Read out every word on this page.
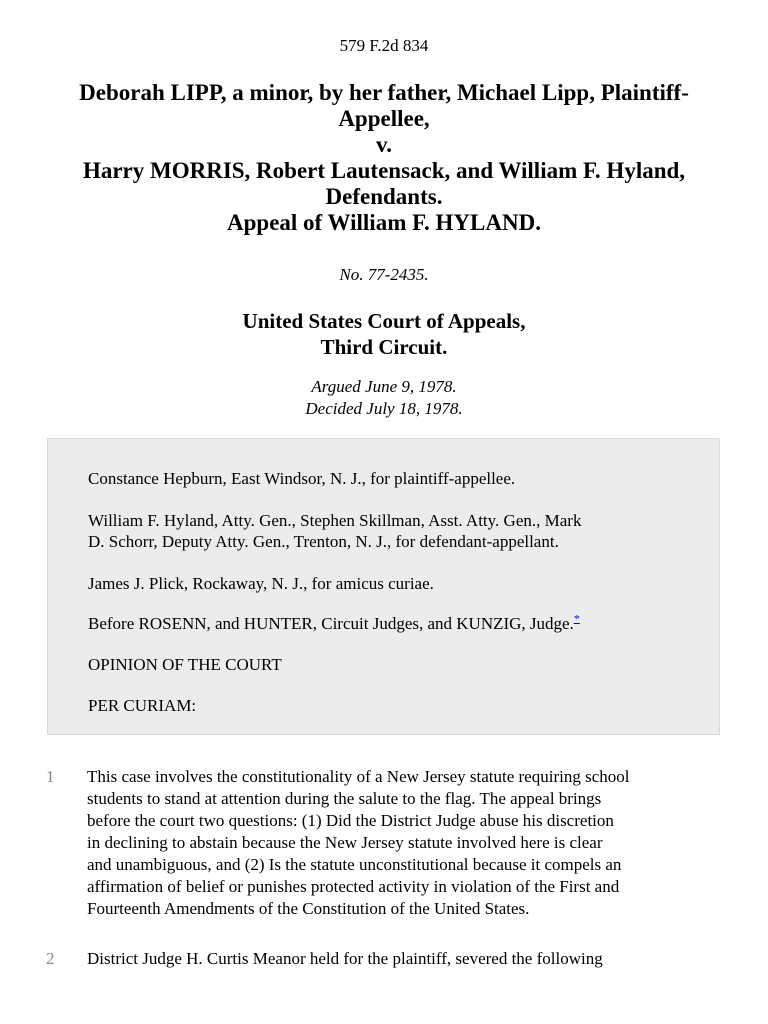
579 F.2d 834
Deborah LIPP, a minor, by her father, Michael Lipp, Plaintiff-
Appellee,
v.
Harry MORRIS, Robert Lautensack, and William F. Hyland,
Defendants.
Appeal of William F. HYLAND.
No. 77-2435.
United States Court of Appeals,
Third Circuit.
Argued June 9, 1978.
Decided July 18, 1978.

Constance Hepburn, East Windsor, N. J., for plaintiff-appellee.

William F. Hyland, Atty. Gen., Stephen Skillman, Asst. Atty. Gen., Mark
D. Schorr, Deputy Atty. Gen., Trenton, N. J., for defendant-appellant.

James J. Plick, Rockaway, N. J., for amicus curiae.

Before ROSENN, and HUNTER, Circuit Judges, and KUNZIG, Judge.*

OPINION OF THE COURT

PER CURIAM:

1	This case involves the constitutionality of a New Jersey statute requiring school
students to stand at attention during the salute to the flag. The appeal brings
before the court two questions: (1) Did the District Judge abuse his discretion
in declining to abstain because the New Jersey statute involved here is clear
and unambiguous, and (2) Is the statute unconstitutional because it compels an
affirmation of belief or punishes protected activity in violation of the First and
Fourteenth Amendments of the Constitution of the United States.
2	District Judge H. Curtis Meanor held for the plaintiff, severed the following
